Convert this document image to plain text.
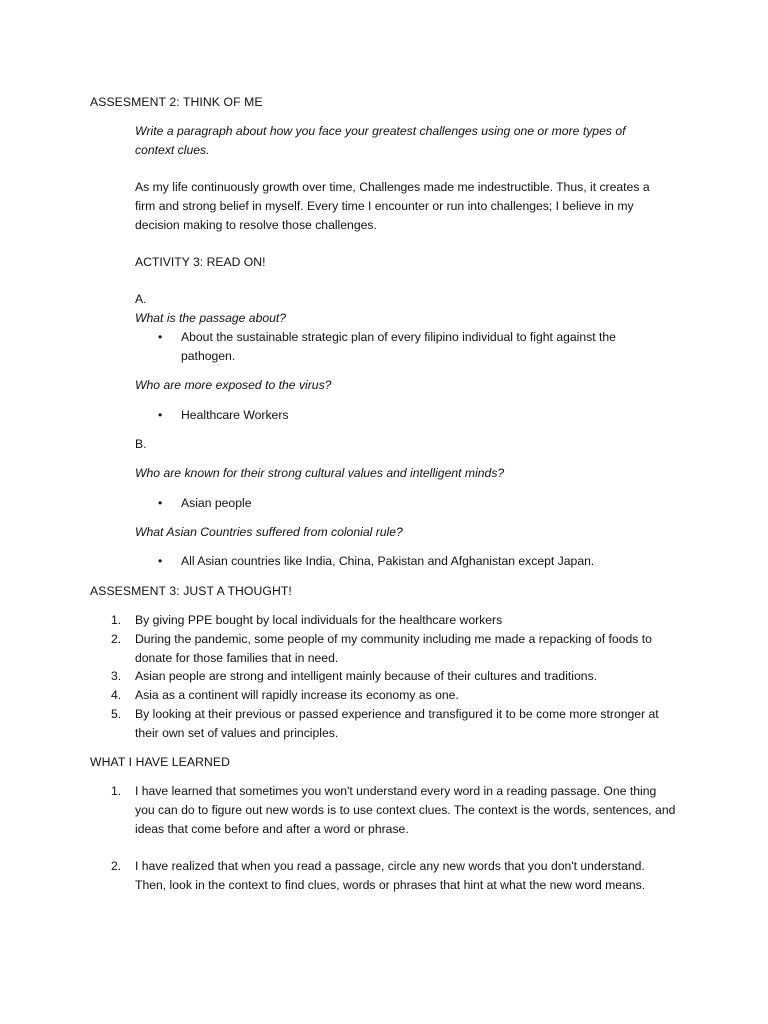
ASSESMENT 2: THINK OF ME

Write a paragraph about how you face your greatest challenges using one or more types of context clues.

As my life continuously growth over time, Challenges made me indestructible. Thus, it creates a firm and strong belief in myself. Every time I encounter or run into challenges; I believe in my decision making to resolve those challenges.

ACTIVITY 3: READ ON!

A.

What is the passage about?

•	About the sustainable strategic plan of every filipino individual to fight against the pathogen.

Who are more exposed to the virus?

•	Healthcare Workers

B.

Who are known for their strong cultural values and intelligent minds?

•	Asian people

What Asian Countries suffered from colonial rule?

•	All Asian countries like India, China, Pakistan and Afghanistan except Japan.

ASSESMENT 3: JUST A THOUGHT!

1.	By giving PPE bought by local individuals for the healthcare workers
2.	During the pandemic, some people of my community including me made a repacking of foods to donate for those families that in need.
3.	Asian people are strong and intelligent mainly because of their cultures and traditions.
4.	Asia as a continent will rapidly increase its economy as one.
5.	By looking at their previous or passed experience and transfigured it to be come more stronger at their own set of values and principles.

WHAT I HAVE LEARNED

1.	I have learned that sometimes you won't understand every word in a reading passage. One thing you can do to figure out new words is to use context clues. The context is the words, sentences, and ideas that come before and after a word or phrase.
2.	I have realized that when you read a passage, circle any new words that you don't understand. Then, look in the context to find clues, words or phrases that hint at what the new word means.
